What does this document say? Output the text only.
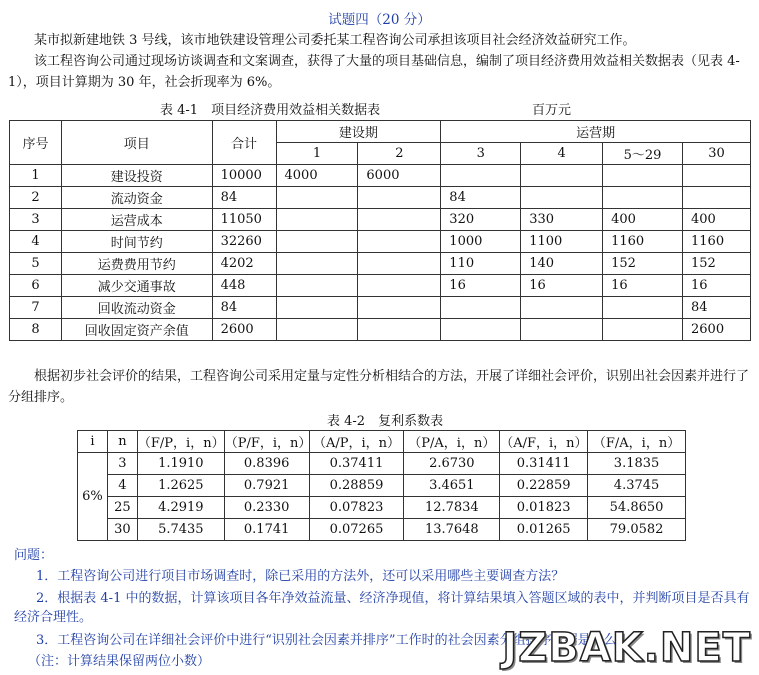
试题四（20 分）
某市拟新建地铁 3 号线，该市地铁建设管理公司委托某工程咨询公司承担该项目社会经济效益研究工作。
该工程咨询公司通过现场访谈调查和文案调查，获得了大量的项目基础信息，编制了项目经济费用效益相关数据表（见表 4-1），项目计算期为 30 年，社会折现率为 6%。
表 4-1　项目经济费用效益相关数据表	百万元
序号	项目	合计	建设期		运营期			
			1	2	3	4	5～29	30
1	建设投资	10000	4000	6000				
2	流动资金	84			84			
3	运营成本	11050			320	330	400	400
4	时间节约	32260			1000	1100	1160	1160
5	运费费用节约	4202			110	140	152	152
6	减少交通事故	448			16	16	16	16
7	回收流动资金	84						84
8	回收固定资产余值	2600						2600
根据初步社会评价的结果，工程咨询公司采用定量与定性分析相结合的方法，开展了详细社会评价，识别出社会因素并进行了分组排序。
表 4-2　复利系数表
i	n	（F/P，i，n）	（P/F，i，n）	（A/P，i，n）	（P/A，i，n）	（A/F，i，n）	（F/A，i，n）
6%	3	1.1910	0.8396	0.37411	2.6730	0.31411	3.1835
	4	1.2625	0.7921	0.28859	3.4651	0.22859	4.3745
	25	4.2919	0.2330	0.07823	12.7834	0.01823	54.8650
	30	5.7435	0.1741	0.07265	13.7648	0.01265	79.0582
问题：
1．工程咨询公司进行项目市场调查时，除已采用的方法外，还可以采用哪些主要调查方法？
2．根据表 4-1 中的数据，计算该项目各年净效益流量、经济净现值，将计算结果填入答题区域的表中，并判断项目是否具有经济合理性。
3．工程咨询公司在详细社会评价中进行“识别社会因素并排序”工作时的社会因素分组排序依据是什么？
（注：计算结果保留两位小数）	JZBAK.NET
